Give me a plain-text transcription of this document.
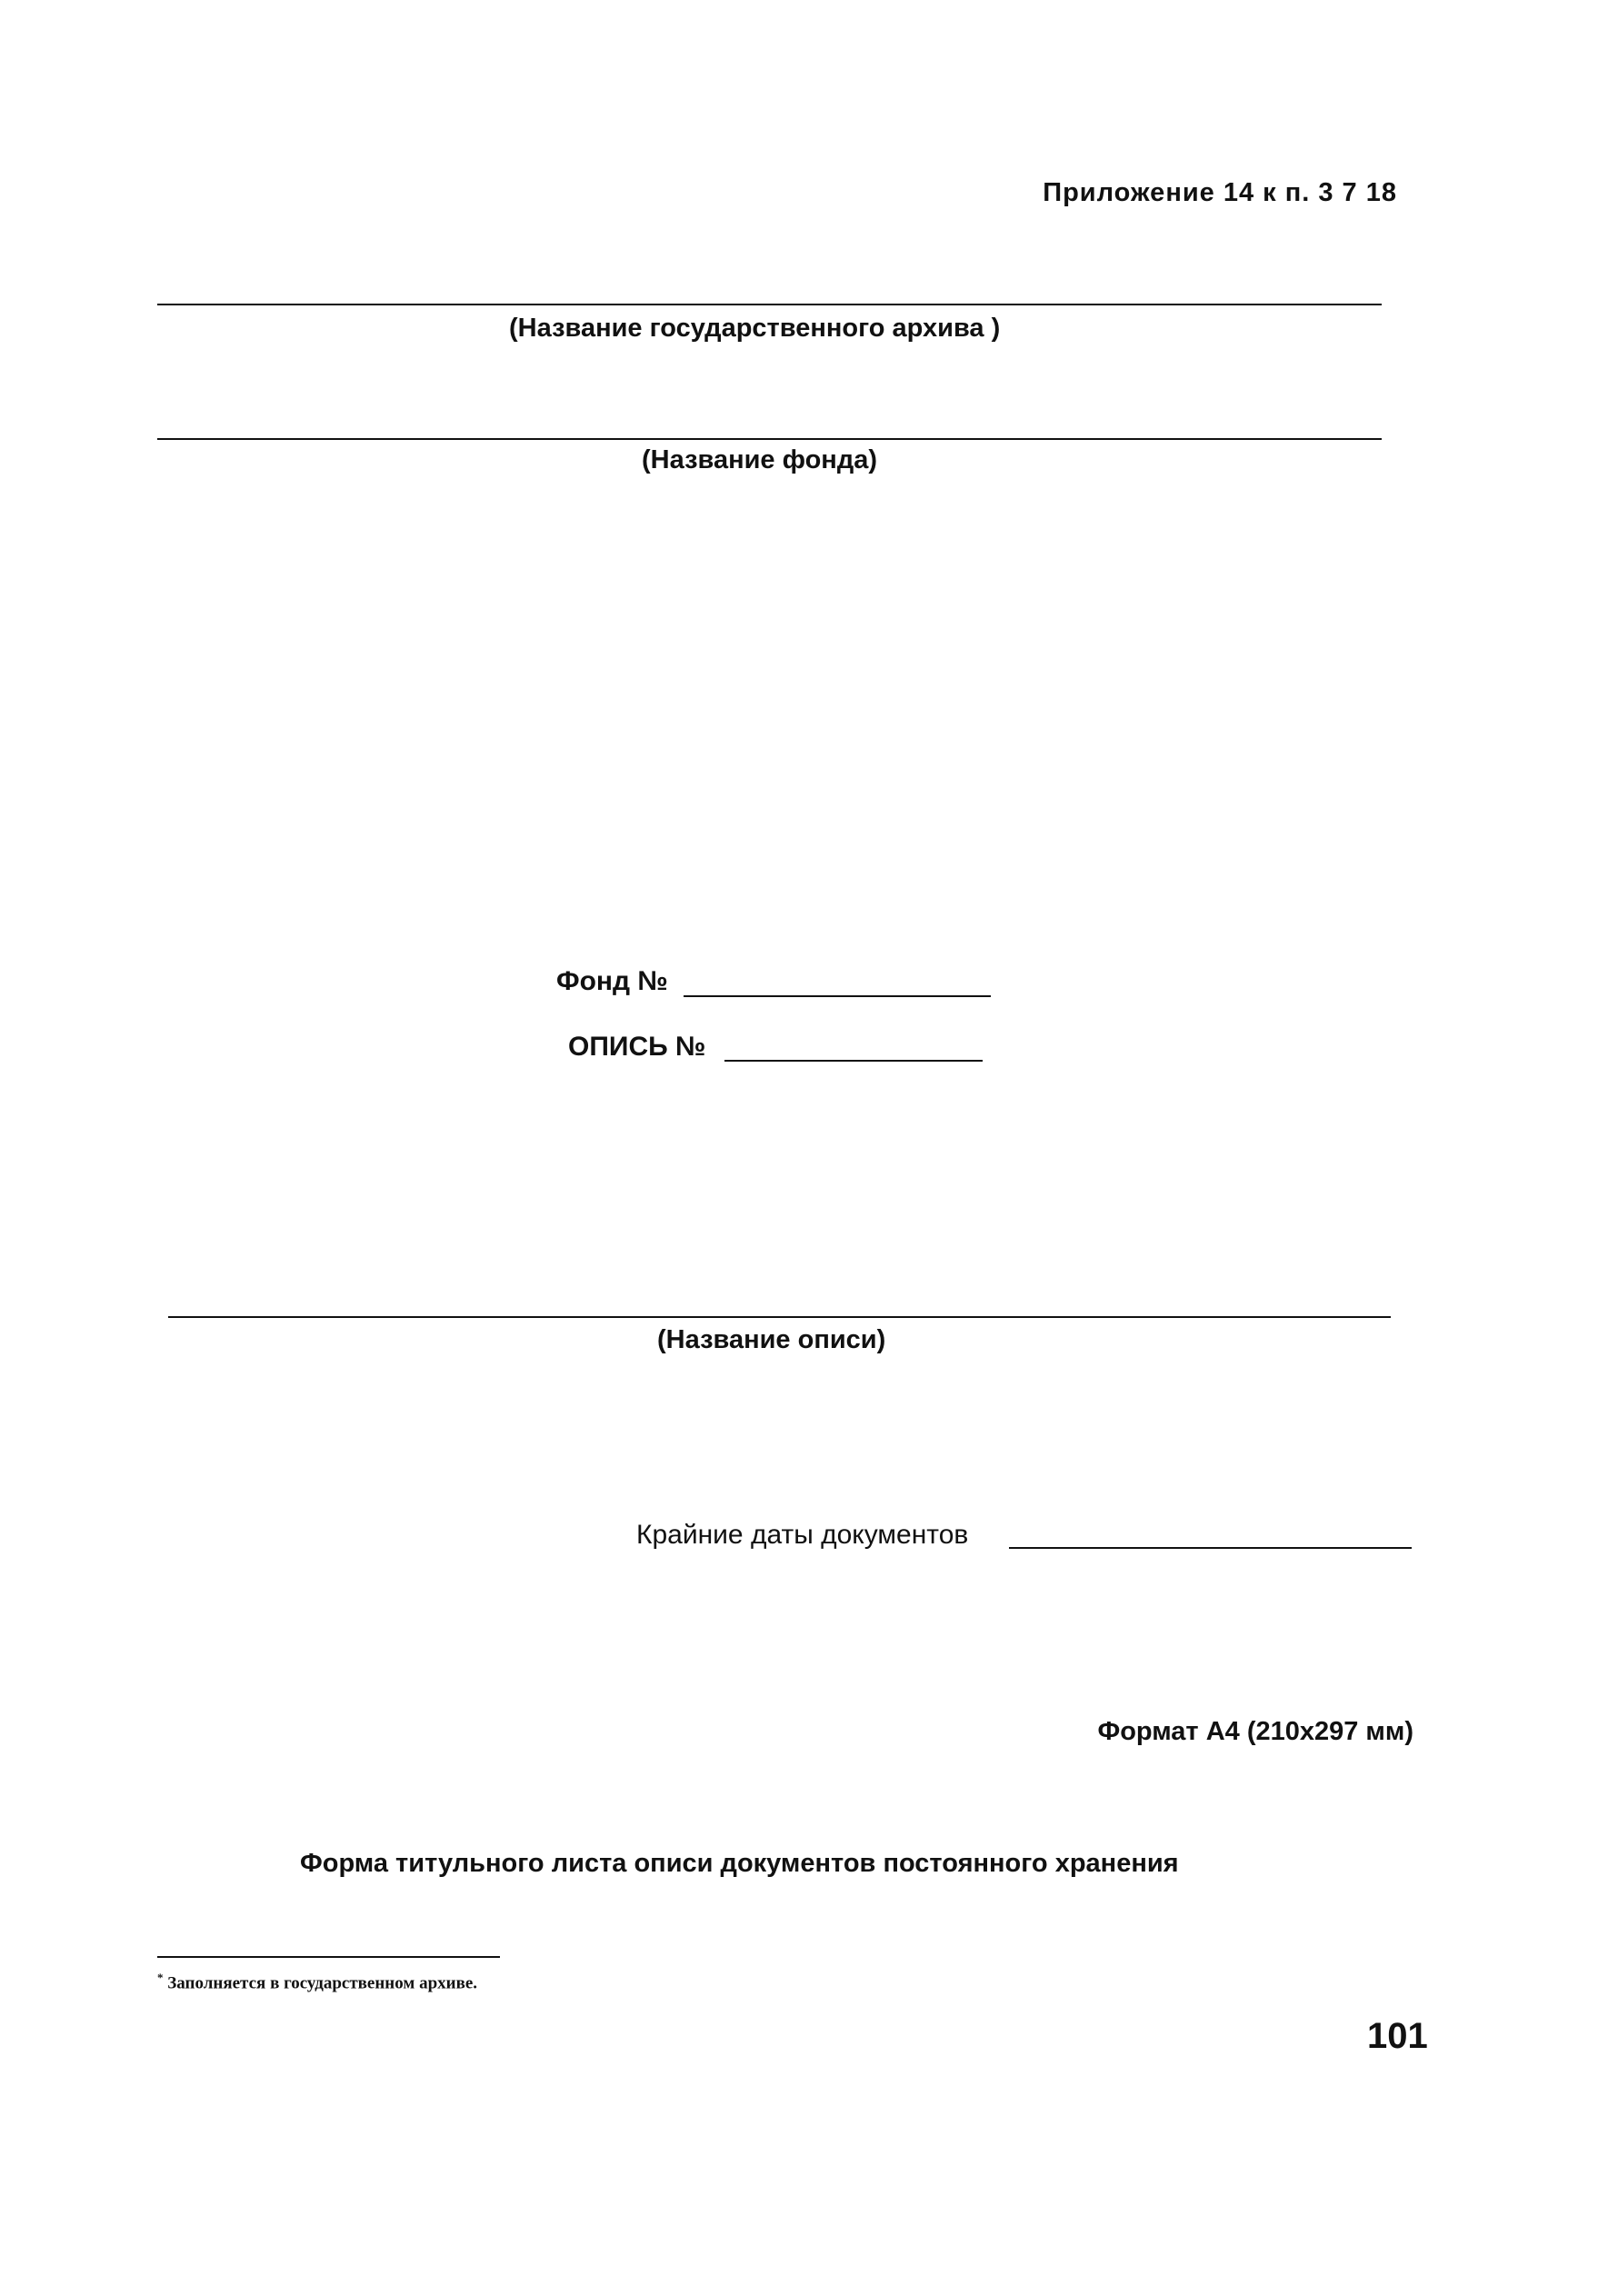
Приложение 14 к п. 3 7 18
(Название государственного архива )
(Название фонда)
Фонд №
ОПИСЬ №
(Название описи)
Крайние даты документов
Формат А4 (210х297 мм)
Форма титульного листа описи документов постоянного хранения
* Заполняется в государственном архиве.
101
